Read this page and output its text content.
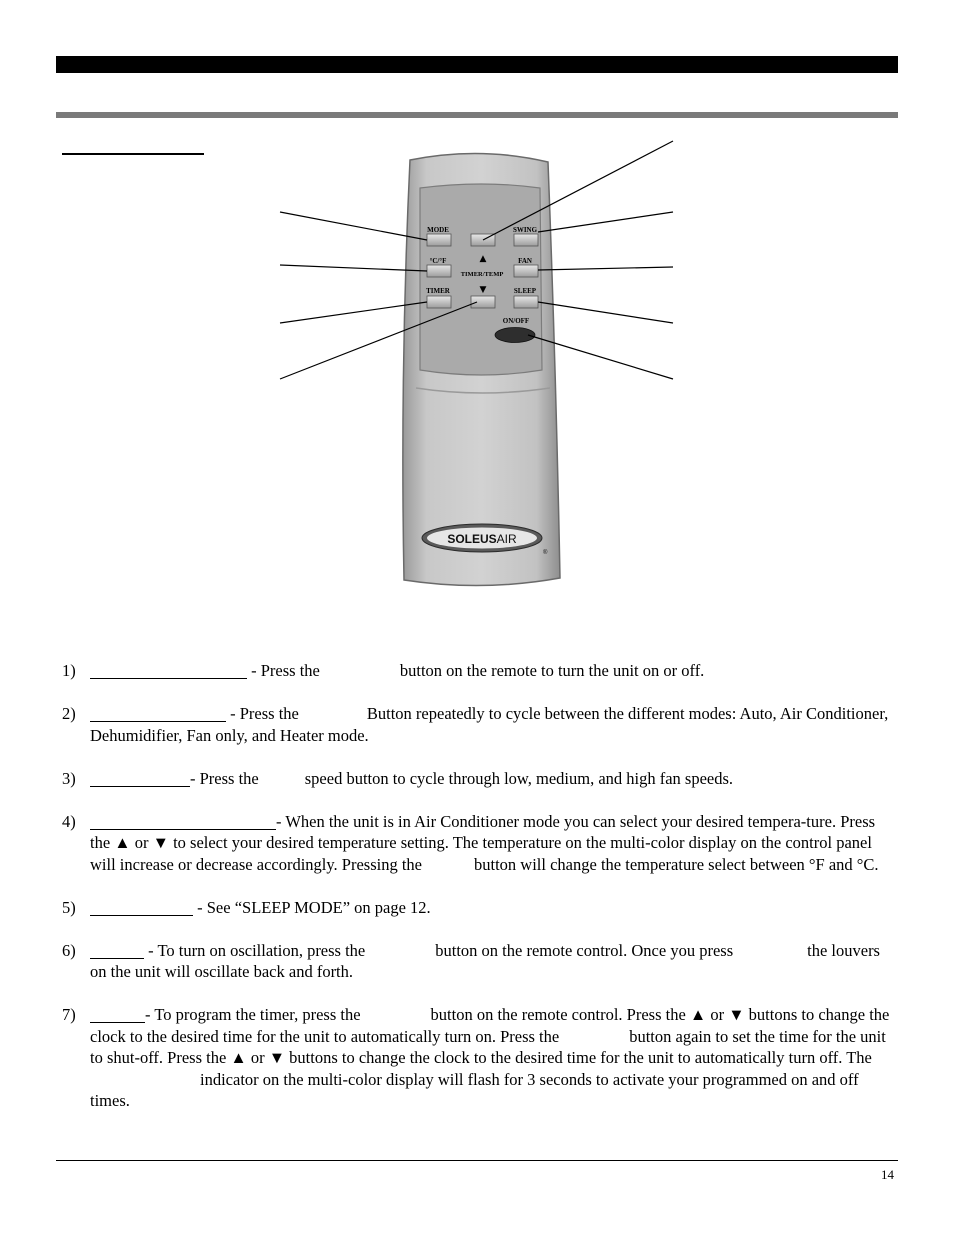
MODE
▲
SWING
°C/°F
TIMER/TEMP
FAN
▼
TIMER	SLEEP
ON/OFF
SOLEUSAIR
®
1)	- Press the	button on the remote to turn the unit on or off.
2)	- Press the	Button repeatedly to cycle between the different modes: Auto, Air Conditioner, Dehumidifier, Fan only, and Heater mode.
3)	- Press the	speed button to cycle through low, medium, and high fan speeds.
4)	- When the unit is in Air Conditioner mode you can select your desired tempera-ture. Press the ▲ or ▼ to select your desired temperature setting. The temperature on the multi-color display on the control panel will increase or decrease accordingly. Pressing the	button will change the temperature select between °F and °C.
5)	- See “SLEEP MODE” on page 12.
6)	- To turn on oscillation, press the	button on the remote control. Once you press	the louvers on the unit will oscillate back and forth.
7)	- To program the timer, press the	button on the remote control. Press the ▲ or ▼ buttons to change the clock to the desired time for the unit to automatically turn on. Press the	button again to set the time for the unit to shut-off. Press the ▲ or ▼ buttons to change the clock to the desired time for the unit to automatically turn off. Theindicator on the multi-color display will flash for 3 seconds to activate your programmed on and off times.
14
